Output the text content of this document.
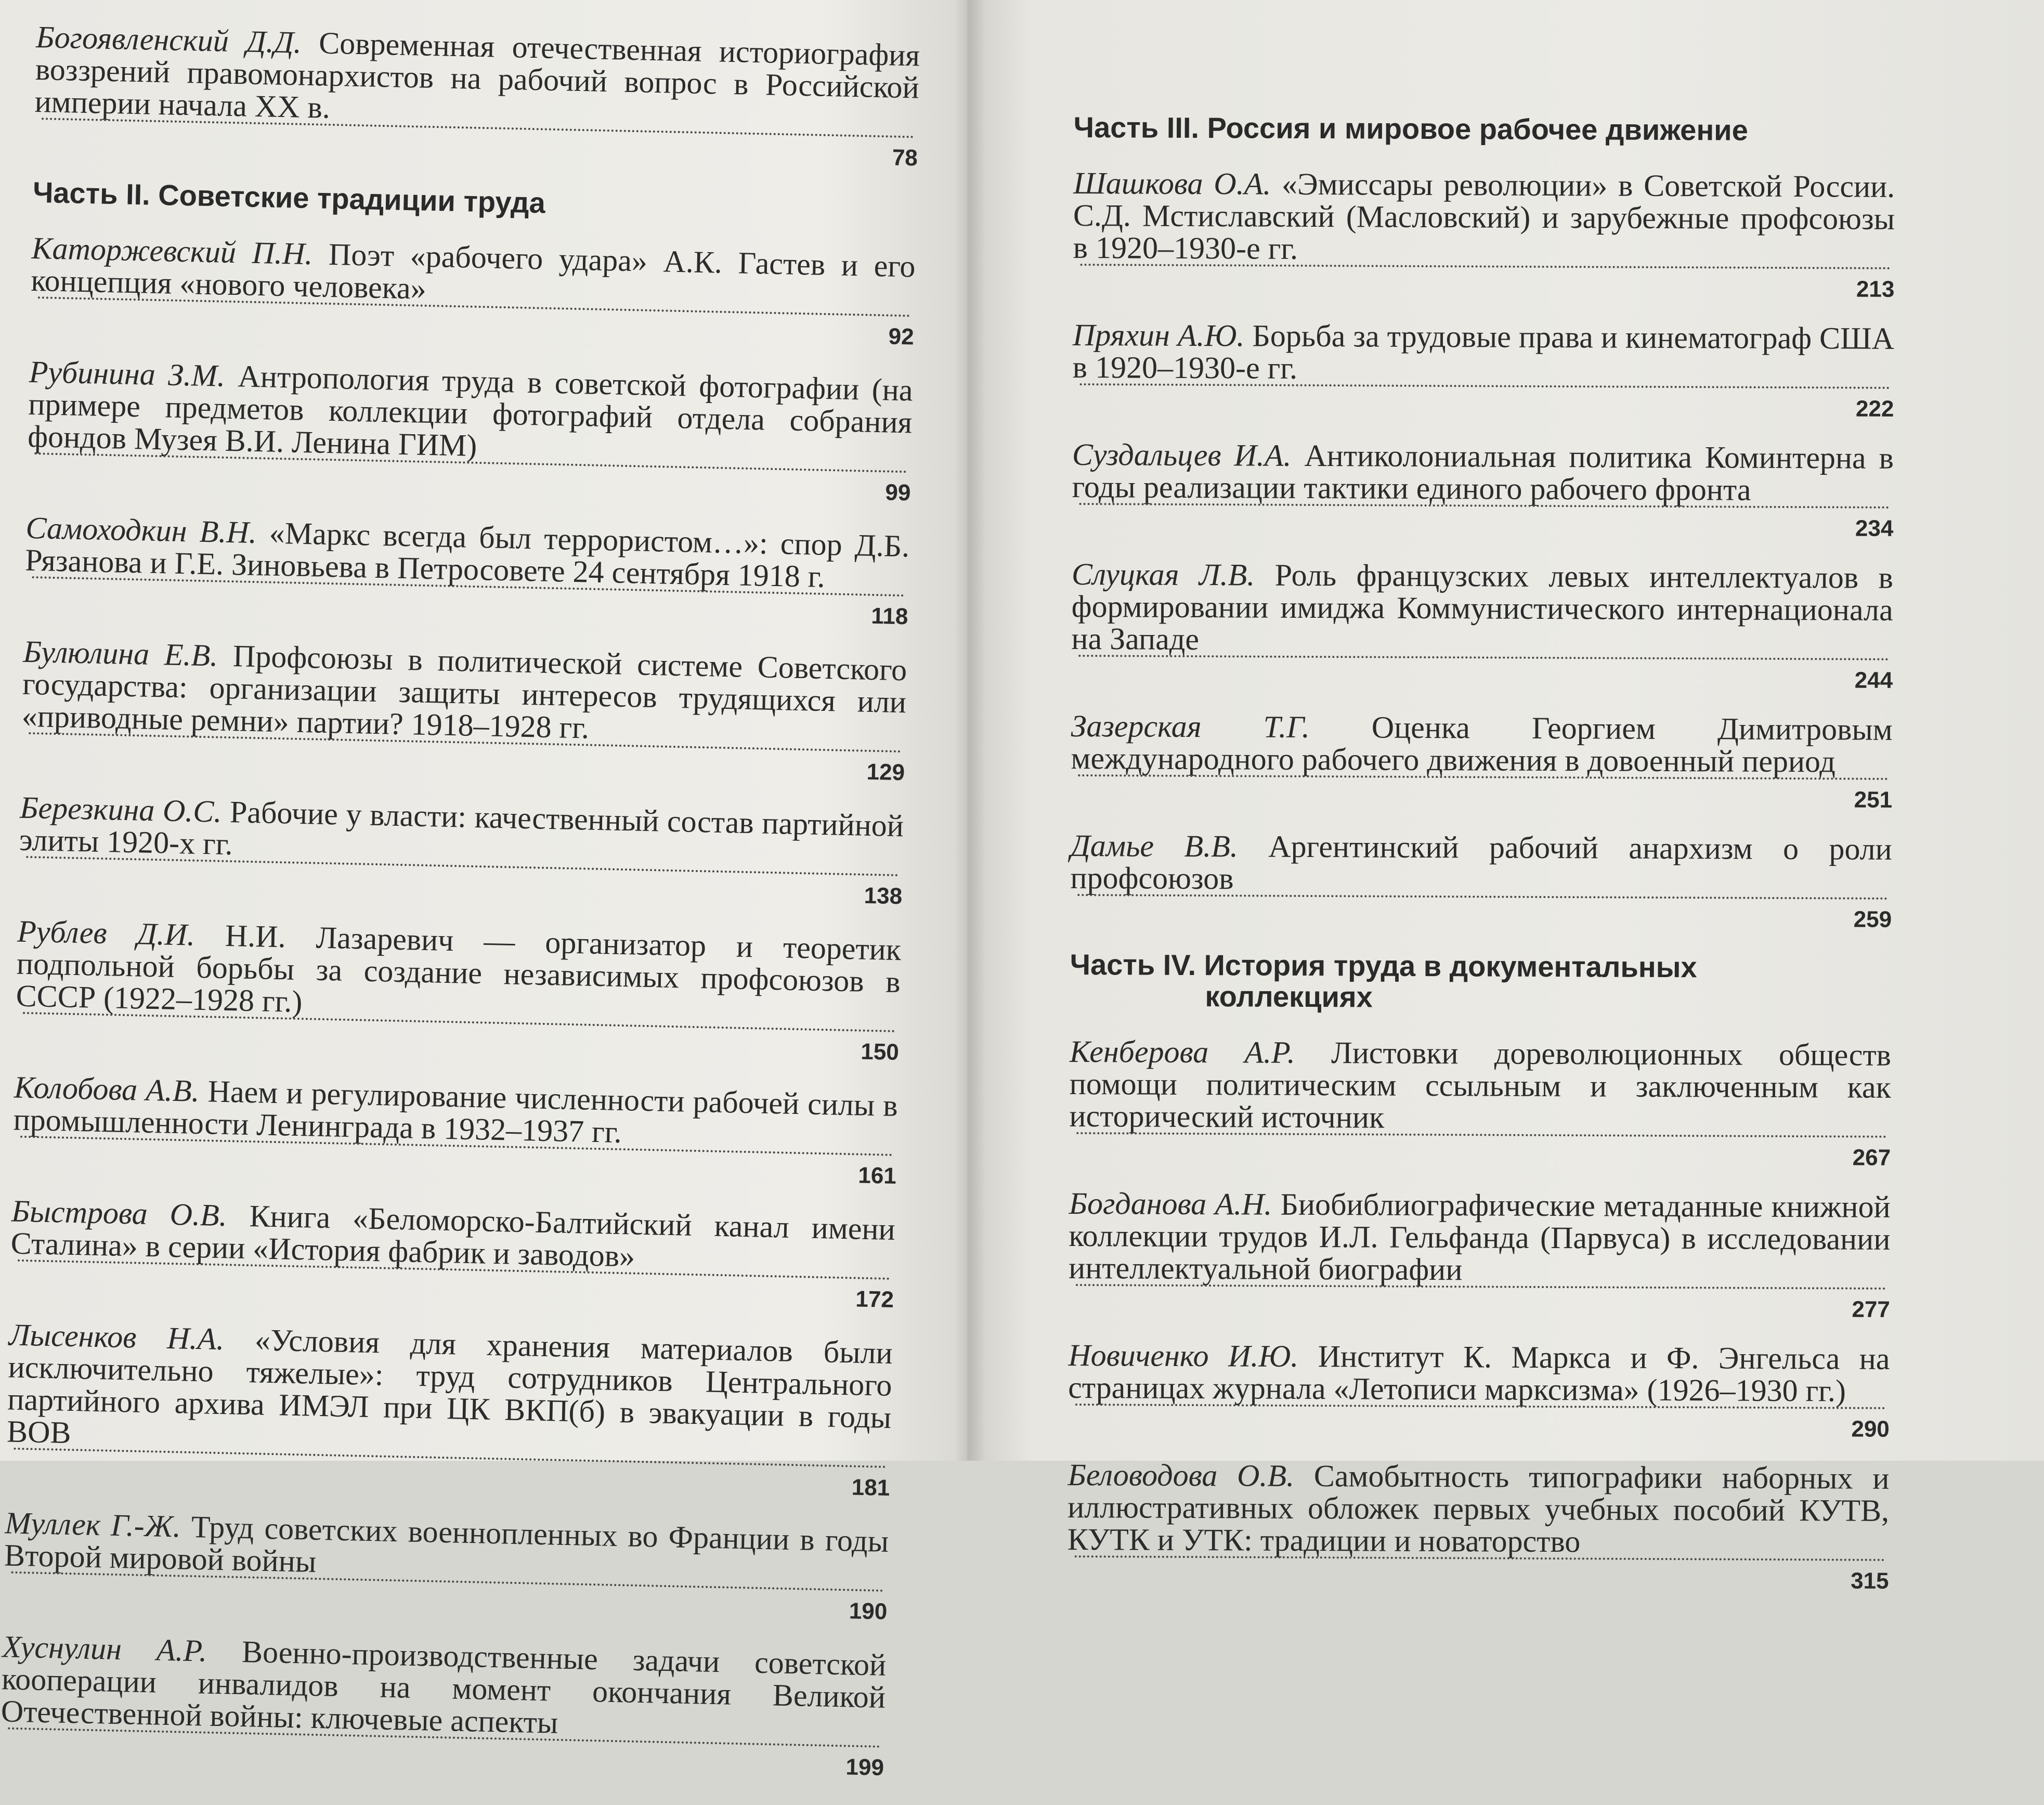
Богоявленский Д.Д. Современная отечественная историография воззрений правомонархистов на рабочий вопрос в Российской империи начала XX в.
78
Часть II. Советские традиции труда
Каторжевский П.Н. Поэт «рабочего удара» А.К. Гастев и его концепция «нового человека»
92
Рубинина З.М. Антропология труда в советской фотографии (на примере предметов коллекции фотографий отдела собрания фондов Музея В.И. Ленина ГИМ)
99
Самоходкин В.Н. «Маркс всегда был террористом…»: спор Д.Б. Рязанова и Г.Е. Зиновьева в Петросовете 24 сентября 1918 г.
118
Булюлина Е.В. Профсоюзы в политической системе Советского государства: организации защиты интересов трудящихся или «приводные ремни» партии? 1918–1928 гг.
129
Березкина О.С. Рабочие у власти: качественный состав партийной элиты 1920-х гг.
138
Рублев Д.И. Н.И. Лазаревич — организатор и теоретик подпольной борьбы за создание независимых профсоюзов в СССР (1922–1928 гг.)
150
Колобова А.В. Наем и регулирование численности рабочей силы в промышленности Ленинграда в 1932–1937 гг.
161
Быстрова О.В. Книга «Беломорско-Балтийский канал имени Сталина» в серии «История фабрик и заводов»
172
Лысенков Н.А. «Условия для хранения материалов были исключительно тяжелые»: труд сотрудников Центрального партийного архива ИМЭЛ при ЦК ВКП(б) в эвакуации в годы ВОВ
181
Муллек Г.-Ж. Труд советских военнопленных во Франции в годы Второй мировой войны
190
Хуснулин А.Р. Военно-производственные задачи советской кооперации инвалидов на момент окончания Великой Отечественной войны: ключевые аспекты
199
Часть III. Россия и мировое рабочее движение
Шашкова О.А. «Эмиссары революции» в Советской России. С.Д. Мстиславский (Масловский) и зарубежные профсоюзы в 1920–1930-е гг.
213
Пряхин А.Ю. Борьба за трудовые права и кинематограф США в 1920–1930-е гг.
222
Суздальцев И.А. Антиколониальная политика Коминтерна в годы реализации тактики единого рабочего фронта
234
Слуцкая Л.В. Роль французских левых интеллектуалов в формировании имиджа Коммунистического интернационала на Западе
244
Зазерская Т.Г. Оценка Георгием Димитровым международного рабочего движения в довоенный период
251
Дамье В.В. Аргентинский рабочий анархизм о роли профсоюзов
259
Часть IV. История труда в документальных
коллекциях
Кенберова А.Р. Листовки дореволюционных обществ помощи политическим ссыльным и заключенным как исторический источник
267
Богданова А.Н. Биобиблиографические метаданные книжной коллекции трудов И.Л. Гельфанда (Парвуса) в исследовании интеллектуальной биографии
277
Новиченко И.Ю. Институт К. Маркса и Ф. Энгельса на страницах журнала «Летописи марксизма» (1926–1930 гг.)
290
Беловодова О.В. Самобытность типографики наборных и иллюстративных обложек первых учебных пособий КУТВ, КУТК и УТК: традиции и новаторство
315
